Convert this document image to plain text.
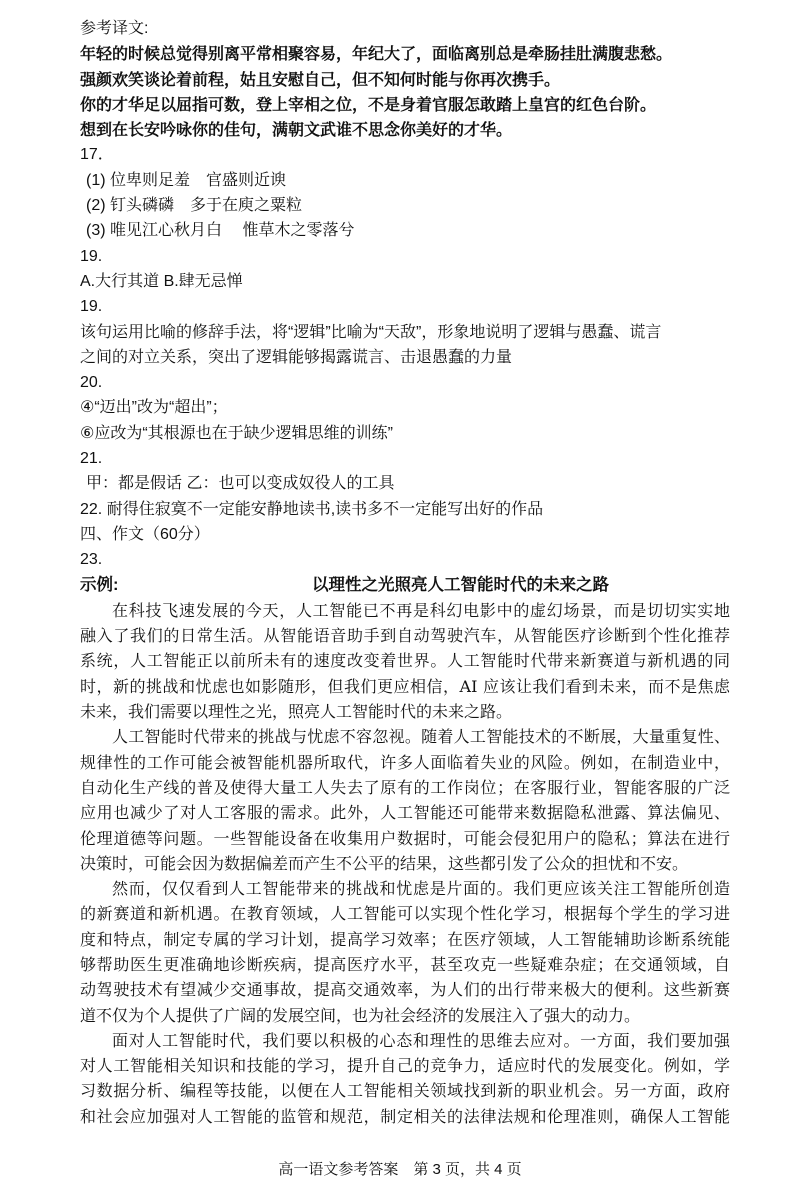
参考译文:
年轻的时候总觉得别离平常相聚容易，年纪大了，面临离别总是牵肠挂肚满腹悲愁。
强颜欢笑谈论着前程，姑且安慰自己，但不知何时能与你再次携手。
你的才华足以屈指可数，登上宰相之位，不是身着官服怎敢踏上皇宫的红色台阶。
想到在长安吟咏你的佳句，满朝文武谁不思念你美好的才华。
17．
(1) 位卑则足羞　官盛则近谀
(2) 钉头磷磷　多于在庾之粟粒
(3) 唯见江心秋月白　 惟草木之零落兮
19.
A.大行其道 B.肆无忌惮
19.
该句运用比喻的修辞手法，将“逻辑”比喻为“天敌”，形象地说明了逻辑与愚蠢、谎言
之间的对立关系，突出了逻辑能够揭露谎言、击退愚蠢的力量
20.
④“迈出”改为“超出”；
⑥应改为“其根源也在于缺少逻辑思维的训练”
21.
甲：都是假话 乙：也可以变成奴役人的工具
22. 耐得住寂寞不一定能安静地读书,读书多不一定能写出好的作品
四、作文（60分）
23.
示例:	以理性之光照亮人工智能时代的未来之路
在科技飞速发展的今天，人工智能已不再是科幻电影中的虚幻场景，而是切切实实地
融入了我们的日常生活。从智能语音助手到自动驾驶汽车，从智能医疗诊断到个性化推荐
系统，人工智能正以前所未有的速度改变着世界。人工智能时代带来新赛道与新机遇的同
时，新的挑战和忧虑也如影随形，但我们更应相信，AI 应该让我们看到未来，而不是焦虑
未来，我们需要以理性之光，照亮人工智能时代的未来之路。
人工智能时代带来的挑战与忧虑不容忽视。随着人工智能技术的不断展，大量重复性、
规律性的工作可能会被智能机器所取代，许多人面临着失业的风险。例如，在制造业中，
自动化生产线的普及使得大量工人失去了原有的工作岗位；在客服行业，智能客服的广泛
应用也减少了对人工客服的需求。此外，人工智能还可能带来数据隐私泄露、算法偏见、
伦理道德等问题。一些智能设备在收集用户数据时，可能会侵犯用户的隐私；算法在进行
决策时，可能会因为数据偏差而产生不公平的结果，这些都引发了公众的担忧和不安。
然而，仅仅看到人工智能带来的挑战和忧虑是片面的。我们更应该关注工智能所创造
的新赛道和新机遇。在教育领域，人工智能可以实现个性化学习，根据每个学生的学习进
度和特点，制定专属的学习计划，提高学习效率；在医疗领域，人工智能辅助诊断系统能
够帮助医生更准确地诊断疾病，提高医疗水平，甚至攻克一些疑难杂症；在交通领域，自
动驾驶技术有望减少交通事故，提高交通效率，为人们的出行带来极大的便利。这些新赛
道不仅为个人提供了广阔的发展空间，也为社会经济的发展注入了强大的动力。
面对人工智能时代，我们要以积极的心态和理性的思维去应对。一方面，我们要加强
对人工智能相关知识和技能的学习，提升自己的竞争力，适应时代的发展变化。例如，学
习数据分析、编程等技能，以便在人工智能相关领域找到新的职业机会。另一方面，政府
和社会应加强对人工智能的监管和规范，制定相关的法律法规和伦理准则，确保人工智能
高一语文参考答案　第 3 页，共 4 页
